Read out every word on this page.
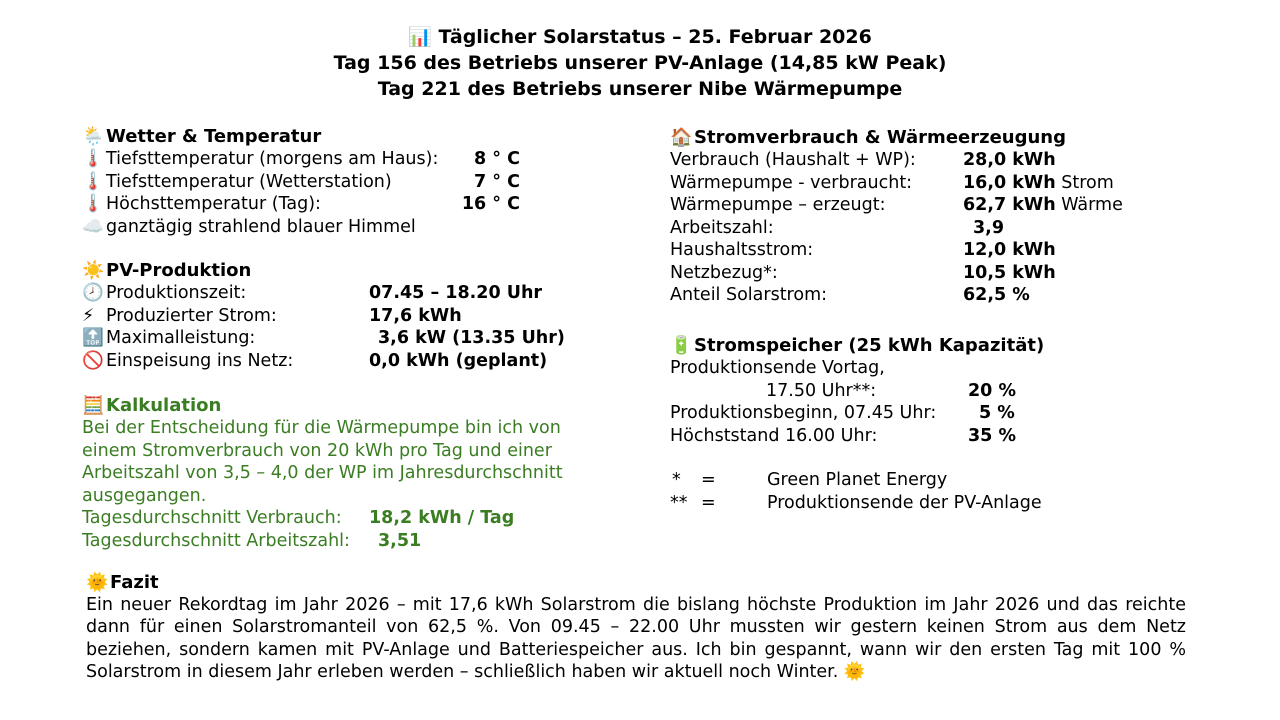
📊 Täglicher Solarstatus – 25. Februar 2026
Tag 156 des Betriebs unserer PV-Anlage (14,85 kW Peak)
Tag 221 des Betriebs unserer Nibe Wärmepumpe
🌦️Wetter & Temperatur
🌡️ Tiefsttemperatur (morgens am Haus): 8 ° C
🌡️ Tiefsttemperatur (Wetterstation)	7 ° C
🌡️ Höchsttemperatur (Tag):	16 ° C
☁️ ganztägig strahlend blauer Himmel
☀️PV-Produktion
🕗 Produktionszeit:	07.45 – 18.20 Uhr
⚡ Produzierter Strom:	17,6 kWh
🔝 Maximalleistung:	3,6 kW (13.35 Uhr)
🚫 Einspeisung ins Netz:	0,0 kWh (geplant)
🧮Kalkulation
Bei der Entscheidung für die Wärmepumpe bin ich von einem Stromverbrauch von 20 kWh pro Tag und einer Arbeitszahl von 3,5 – 4,0 der WP im Jahresdurchschnitt ausgegangen.
Tagesdurchschnitt Verbrauch: 18,2 kWh / Tag
Tagesdurchschnitt Arbeitszahl: 3,51
🏠Stromverbrauch & Wärmeerzeugung
Verbrauch (Haushalt + WP):	28,0 kWh
Wärmepumpe - verbraucht:	16,0 kWh Strom
Wärmepumpe – erzeugt:	62,7 kWh Wärme
Arbeitszahl:	3,9
Haushaltsstrom:	12,0 kWh
Netzbezug*:	10,5 kWh
Anteil Solarstrom:	62,5 %
🔋Stromspeicher (25 kWh Kapazität)
Produktionsende Vortag,
17.50 Uhr**:	20 %
Produktionsbeginn, 07.45 Uhr: 5 %
Höchststand 16.00 Uhr:	35 %
* =	Green Planet Energy
** =	Produktionsende der PV-Anlage
🌞Fazit
Ein neuer Rekordtag im Jahr 2026 – mit 17,6 kWh Solarstrom die bislang höchste Produktion im Jahr 2026 und das reichte dann für einen Solarstromanteil von 62,5 %. Von 09.45 – 22.00 Uhr mussten wir gestern keinen Strom aus dem Netz beziehen, sondern kamen mit PV-Anlage und Batteriespeicher aus. Ich bin gespannt, wann wir den ersten Tag mit 100 % Solarstrom in diesem Jahr erleben werden – schließlich haben wir aktuell noch Winter. 🌞
